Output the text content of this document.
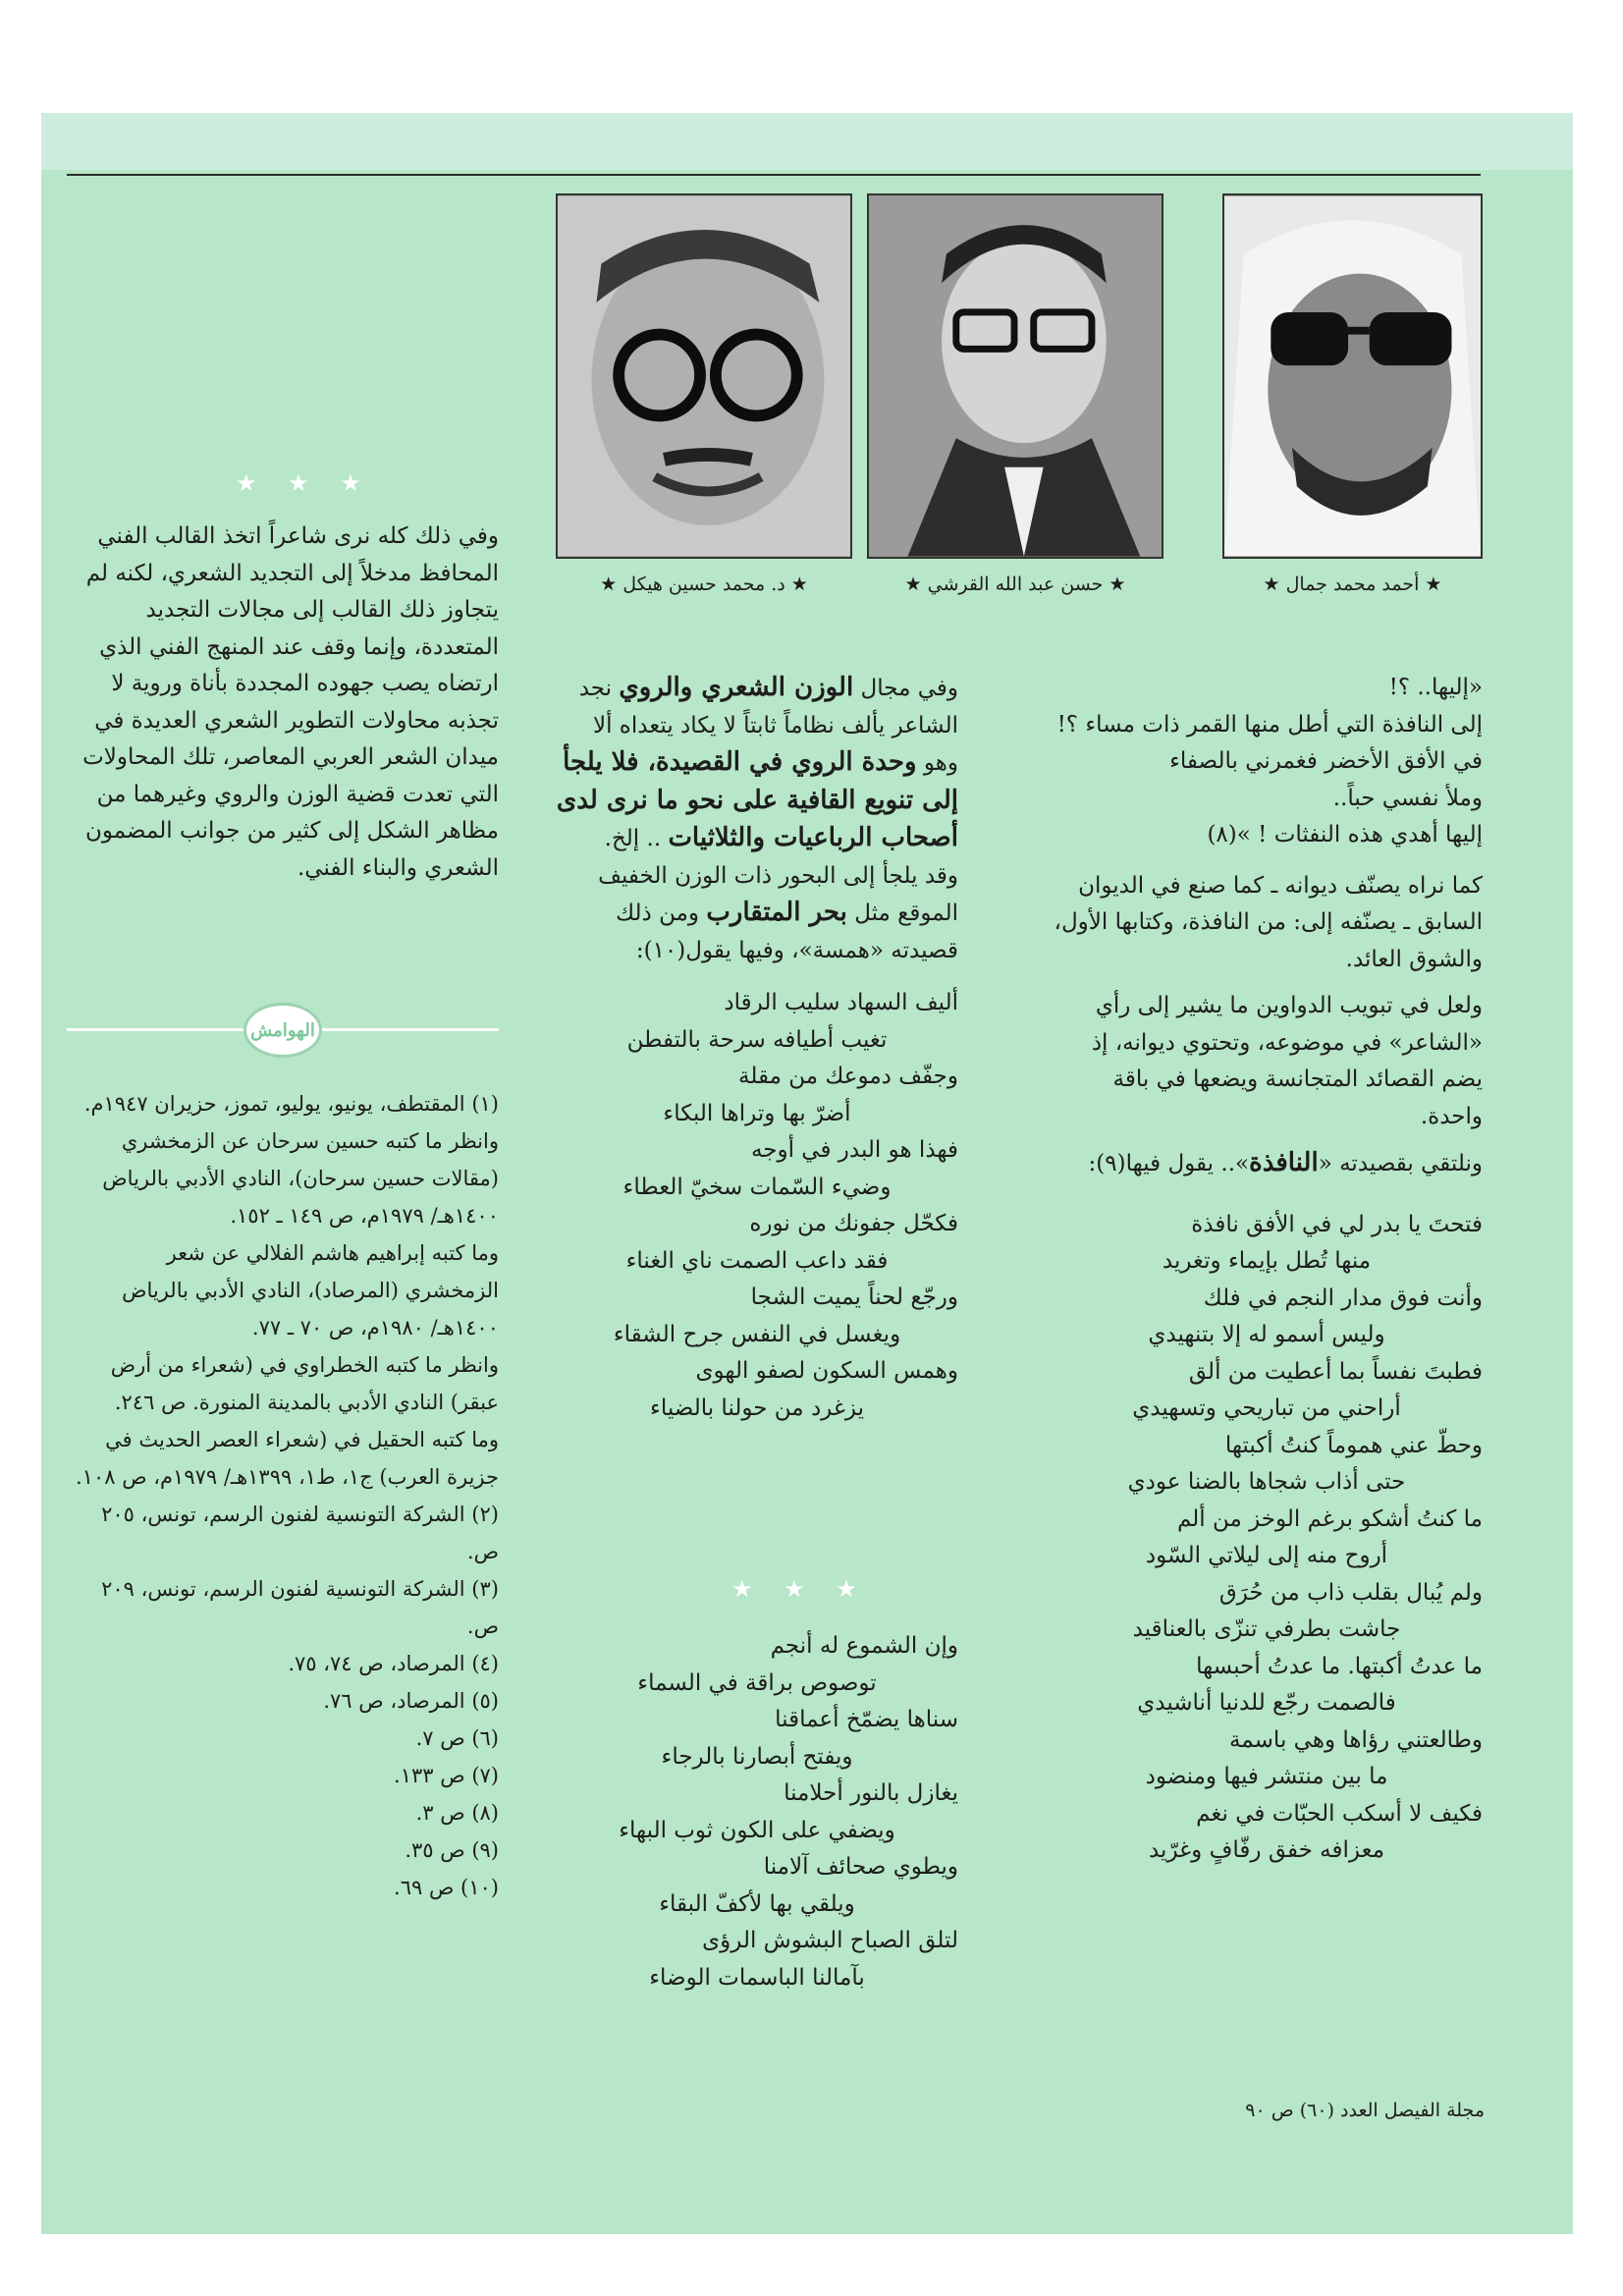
★ أحمد محمد جمال ★
★ حسن عبد الله القرشي ★
★ د. محمد حسين هيكل ★
★ ★ ★

وفي ذلك كله نرى شاعراً اتخذ القالب الفني المحافظ مدخلاً إلى التجديد الشعري، لكنه لم يتجاوز ذلك القالب إلى مجالات التجديد المتعددة، وإنما وقف عند المنهج الفني الذي ارتضاه يصب جهوده المجددة بأناة وروية لا تجذبه محاولات التطوير الشعري العديدة في ميدان الشعر العربي المعاصر، تلك المحاولات التي تعدت قضية الوزن والروي وغيرهما من مظاهر الشكل إلى كثير من جوانب المضمون الشعري والبناء الفني.

الهوامش

(١) المقتطف، يونيو، يوليو، تموز، حزيران ١٩٤٧م.

وانظر ما كتبه حسين سرحان عن الزمخشري (مقالات حسين سرحان)، النادي الأدبي بالرياض ١٤٠٠هـ/ ١٩٧٩م، ص ١٤٩ ـ ١٥٢.

وما كتبه إبراهيم هاشم الفلالي عن شعر الزمخشري (المرصاد)، النادي الأدبي بالرياض ١٤٠٠هـ/ ١٩٨٠م، ص ٧٠ ـ ٧٧.

وانظر ما كتبه الخطراوي في (شعراء من أرض عبقر) النادي الأدبي بالمدينة المنورة. ص ٢٤٦.

وما كتبه الحقيل في (شعراء العصر الحديث في جزيرة العرب) ج١، ط١، ١٣٩٩هـ/ ١٩٧٩م، ص ١٠٨.

(٢) الشركة التونسية لفنون الرسم، تونس، ٢٠٥ ص.

(٣) الشركة التونسية لفنون الرسم، تونس، ٢٠٩ ص.

(٤) المرصاد، ص ٧٤، ٧٥.

(٥) المرصاد، ص ٧٦.

(٦) ص ٧.

(٧) ص ١٣٣.

(٨) ص ٣.

(٩) ص ٣٥.

(١٠) ص ٦٩.

وفي مجال الوزن الشعري والروي نجد الشاعر يألف نظاماً ثابتاً لا يكاد يتعداه ألا وهو وحدة الروي في القصيدة، فلا يلجأ إلى تنويع القافية على نحو ما نرى لدى أصحاب الرباعيات والثلاثيات .. إلخ.

وقد يلجأ إلى البحور ذات الوزن الخفيف الموقع مثل بحر المتقارب ومن ذلك قصيدته «همسة»، وفيها يقول(١٠):

أليف السهاد سليب الرقاد

تغيب أطيافه سرحة بالتفطن

وجفّف دموعك من مقلة

أضرّ بها وتراها البكاء

فهذا هو البدر في أوجه

وضيء السّمات سخيّ العطاء

فكحّل جفونك من نوره

فقد داعب الصمت ناي الغناء

ورجّع لحناً يميت الشجا

ويغسل في النفس جرح الشقاء

وهمس السكون لصفو الهوى

يزغرد من حولنا بالضياء

★ ★ ★

وإن الشموع له أنجم

توصوص براقة في السماء

سناها يضمّخ أعماقنا

ويفتح أبصارنا بالرجاء

يغازل بالنور أحلامنا

ويضفي على الكون ثوب البهاء

ويطوي صحائف آلامنا

ويلقي بها لأكفّ البقاء

لتلق الصباح البشوش الرؤى

بآمالنا الباسمات الوضاء

«إليها.. ؟!

إلى النافذة التي أطل منها القمر ذات مساء ؟!

في الأفق الأخضر فغمرني بالصفاء

وملأ نفسي حباً..

إليها أهدي هذه النفثات ! »(٨)

كما نراه يصنّف ديوانه ـ كما صنع في الديوان السابق ـ يصنّفه إلى: من النافذة، وكتابها الأول، والشوق العائد.

ولعل في تبويب الدواوين ما يشير إلى رأي «الشاعر» في موضوعه، وتحتوي ديوانه، إذ يضم القصائد المتجانسة ويضعها في باقة واحدة.

ونلتقي بقصيدته «النافذة».. يقول فيها(٩):

فتحتَ يا بدر لي في الأفق نافذة

منها تُطل بإيماء وتغريد

وأنت فوق مدار النجم في فلك

وليس أسمو له إلا بتنهيدي

فطبتَ نفساً بما أعطيت من ألق

أراحني من تباريحي وتسهيدي

وحطّ عني هموماً كنتُ أكبتها

حتى أذاب شجاها بالضنا عودي

ما كنتُ أشكو برغم الوخز من ألم

أروح منه إلى ليلاتي السّود

ولم يُبال بقلب ذاب من حُرَق

جاشت بطرفي تنزّى بالعناقيد

ما عدتُ أكبتها. ما عدتُ أحبسها

فالصمت رجّع للدنيا أناشيدي

وطالعتني رؤاها وهي باسمة

ما بين منتشر فيها ومنضود

فكيف لا أسكب الحبّات في نغم

معزافه خفق رفّافٍ وغرّيد

مجلة الفيصل العدد (٦٠) ص ٩٠
